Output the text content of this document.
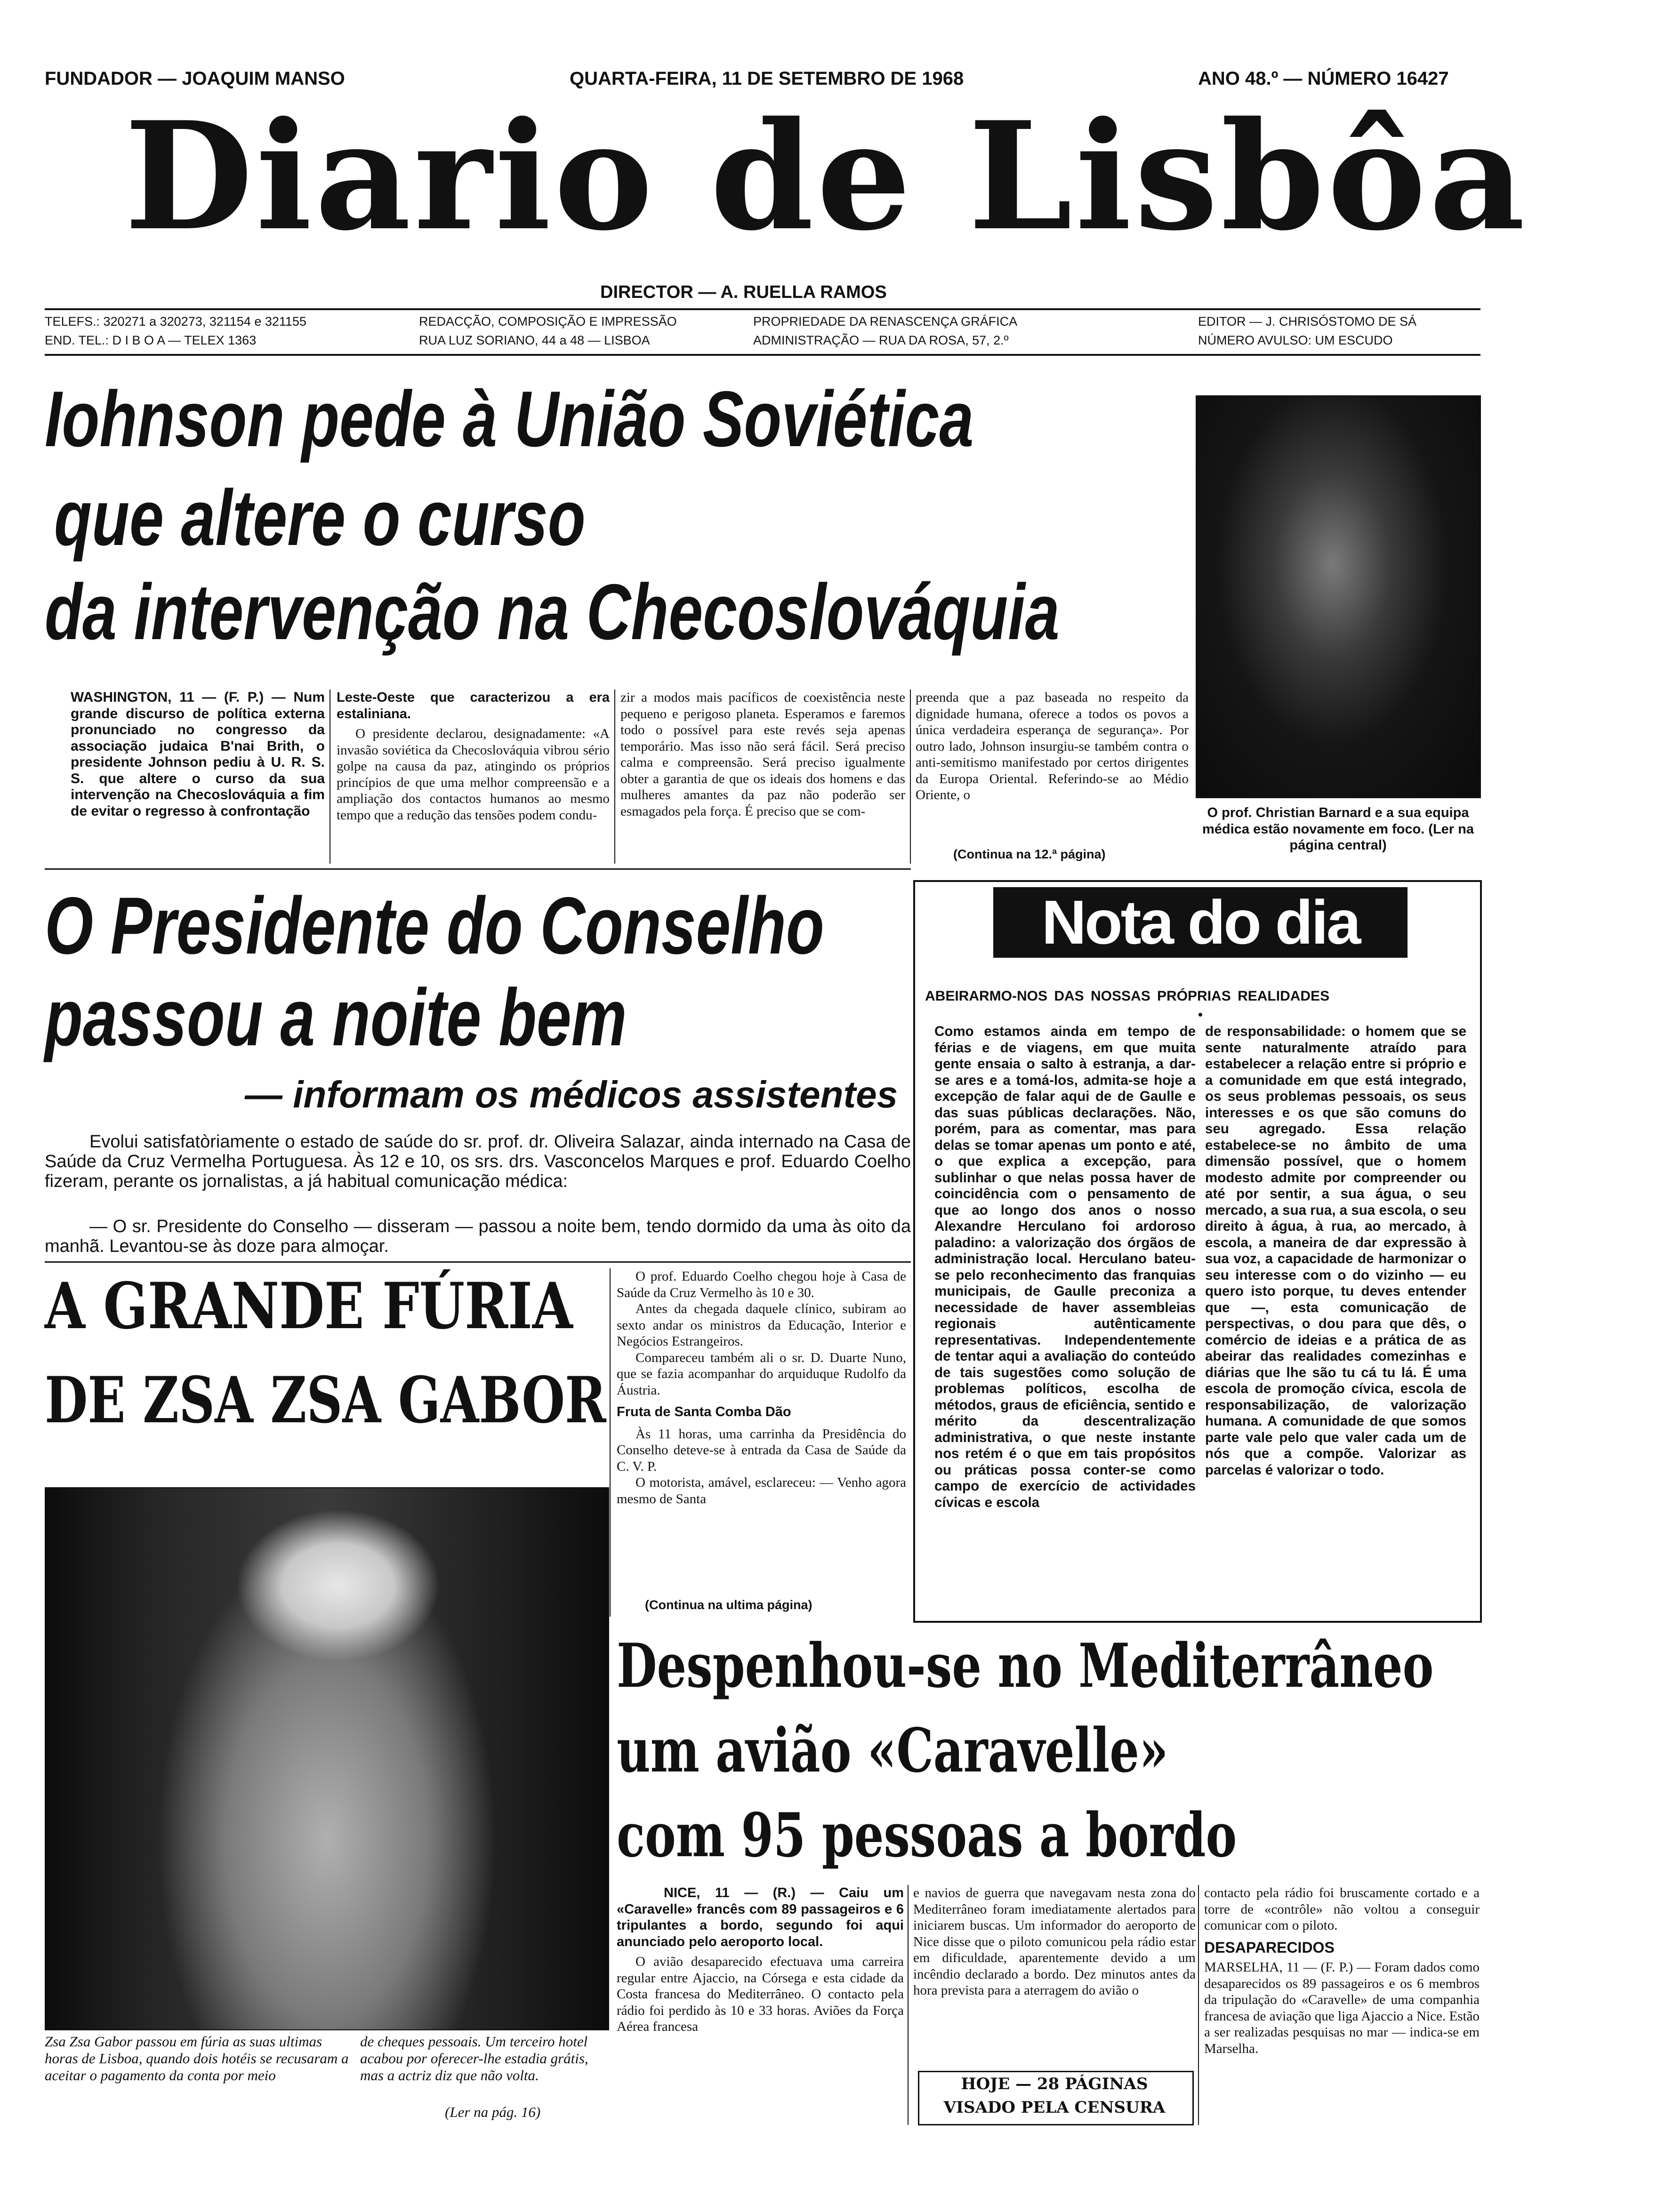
FUNDADOR — JOAQUIM MANSO	QUARTA-FEIRA, 11 DE SETEMBRO DE 1968	ANO 48.º — NÚMERO 16427
Diario de Lisbôa
DIRECTOR — A. RUELLA RAMOS
TELEFS.: 320271 a 320273, 321154 e 321155
END. TEL.: D I B O A — TELEX 1363
REDACÇÃO, COMPOSIÇÃO E IMPRESSÃO
RUA LUZ SORIANO, 44 a 48 — LISBOA
PROPRIEDADE DA RENASCENÇA GRÁFICA
ADMINISTRAÇÃO — RUA DA ROSA, 57, 2.º
EDITOR — J. CHRISÓSTOMO DE SÁ
NÚMERO AVULSO: UM ESCUDO
Iohnson pede à União Soviética
que altere o curso
da intervenção na Checoslováquia
WASHINGTON, 11 — (F. P.) — Num grande discurso de política externa pronunciado no congresso da associação judaica B'nai Brith, o presidente Johnson pediu à U. R. S. S. que altere o curso da sua intervenção na Checoslováquia a fim de evitar o regresso à confrontação

Leste-Oeste que caracterizou a era estaliniana.

O presidente declarou, designadamente: «A invasão soviética da Checoslováquia vibrou sério golpe na causa da paz, atingindo os próprios princípios de que uma melhor compreensão e a ampliação dos contactos humanos ao mesmo tempo que a redução das tensões podem condu-

zir a modos mais pacíficos de coexistência neste pequeno e perigoso planeta. Esperamos e faremos todo o possível para este revés seja apenas temporário. Mas isso não será fácil. Será preciso calma e compreensão. Será preciso igualmente obter a garantia de que os ideais dos homens e das mulheres amantes da paz não poderão ser esmagados pela força. É preciso que se com-
preenda que a paz baseada no respeito da dignidade humana, oferece a todos os povos a única verdadeira esperança de segurança». Por outro lado, Johnson insurgiu-se também contra o anti-semitismo manifestado por certos dirigentes da Europa Oriental. Referindo-se ao Médio Oriente, o
(Continua na 12.ª página)
O prof. Christian Barnard e a sua equipa médica estão novamente em foco. (Ler na página central)
O Presidente do Conselho
passou a noite bem
— informam os médicos assistentes
Evolui satisfatòriamente o estado de saúde do sr. prof. dr. Oliveira Salazar, ainda internado na Casa de Saúde da Cruz Vermelha Portuguesa. Às 12 e 10, os srs. drs. Vasconcelos Marques e prof. Eduardo Coelho fizeram, perante os jornalistas, a já habitual comunicação médica:
— O sr. Presidente do Conselho — disseram — passou a noite bem, tendo dormido da uma às oito da manhã. Levantou-se às doze para almoçar.
A GRANDE FÚRIA
DE ZSA ZSA GABOR

O prof. Eduardo Coelho chegou hoje à Casa de Saúde da Cruz Vermelho às 10 e 30.

Antes da chegada daquele clínico, subiram ao sexto andar os ministros da Educação, Interior e Negócios Estrangeiros.

Compareceu também ali o sr. D. Duarte Nuno, que se fazia acompanhar do arquiduque Rudolfo da Áustria.

Fruta de Santa Comba Dão

Às 11 horas, uma carrinha da Presidência do Conselho deteve-se à entrada da Casa de Saúde da C. V. P.

O motorista, amável, esclareceu: — Venho agora mesmo de Santa

(Continua na ultima página)
Zsa Zsa Gabor passou em fúria as suas ultimas horas de Lisboa, quando dois hotéis se recusaram a aceitar o pagamento da conta por meio
de cheques pessoais. Um terceiro hotel acabou por oferecer-lhe estadia grátis, mas a actriz diz que não volta.
(Ler na pág. 16)
Nota do dia
ABEIRARMO-NOS DAS NOSSAS PRÓPRIAS REALIDADES
•
Como estamos ainda em tempo de férias e de viagens, em que muita gente ensaia o salto à estranja, a dar-se ares e a tomá-los, admita-se hoje a excepção de falar aqui de de Gaulle e das suas públicas declarações. Não, porém, para as comentar, mas para delas se tomar apenas um ponto e até, o que explica a excepção, para sublinhar o que nelas possa haver de coincidência com o pensamento de que ao longo dos anos o nosso Alexandre Herculano foi ardoroso paladino: a valorização dos órgãos de administração local. Herculano bateu-se pelo reconhecimento das franquias municipais, de Gaulle preconiza a necessidade de haver assembleias regionais autênticamente representativas. Independentemente de tentar aqui a avaliação do conteúdo de tais sugestões como solução de problemas políticos, escolha de métodos, graus de eficiência, sentido e mérito da descentralização administrativa, o que neste instante nos retém é o que em tais propósitos ou práticas possa conter-se como campo de exercício de actividades cívicas e escola
de responsabilidade: o homem que se sente naturalmente atraído para estabelecer a relação entre si próprio e a comunidade em que está integrado, os seus problemas pessoais, os seus interesses e os que são comuns do seu agregado. Essa relação estabelece-se no âmbito de uma dimensão possível, que o homem modesto admite por compreender ou até por sentir, a sua água, o seu mercado, a sua rua, a sua escola, o seu direito à água, à rua, ao mercado, à escola, a maneira de dar expressão à sua voz, a capacidade de harmonizar o seu interesse com o do vizinho — eu quero isto porque, tu deves entender que —, esta comunicação de perspectivas, o dou para que dês, o comércio de ideias e a prática de as abeirar das realidades comezinhas e diárias que lhe são tu cá tu lá. É uma escola de promoção cívica, escola de responsabilização, de valorização humana. A comunidade de que somos parte vale pelo que valer cada um de nós que a compõe. Valorizar as parcelas é valorizar o todo.
Despenhou-se no Mediterrâneo
um avião «Caravelle»
com 95 pessoas a bordo

NICE, 11 — (R.) — Caiu um «Caravelle» francês com 89 passageiros e 6 tripulantes a bordo, segundo foi aqui anunciado pelo aeroporto local.

O avião desaparecido efectuava uma carreira regular entre Ajaccio, na Córsega e esta cidade da Costa francesa do Mediterrâneo. O contacto pela rádio foi perdido às 10 e 33 horas. Aviões da Força Aérea francesa

e navios de guerra que navegavam nesta zona do Mediterrâneo foram imediatamente alertados para iniciarem buscas. Um informador do aeroporto de Nice disse que o piloto comunicou pela rádio estar em dificuldade, aparentemente devido a um incêndio declarado a bordo. Dez minutos antes da hora prevista para a aterragem do avião o
HOJE — 28 PÁGINAS
VISADO PELA CENSURA

contacto pela rádio foi bruscamente cortado e a torre de «contrôle» não voltou a conseguir comunicar com o piloto.

DESAPARECIDOS

MARSELHA, 11 — (F. P.) — Foram dados como desaparecidos os 89 passageiros e os 6 membros da tripulação do «Caravelle» de uma companhia francesa de aviação que liga Ajaccio a Nice. Estão a ser realizadas pesquisas no mar — indica-se em Marselha.
